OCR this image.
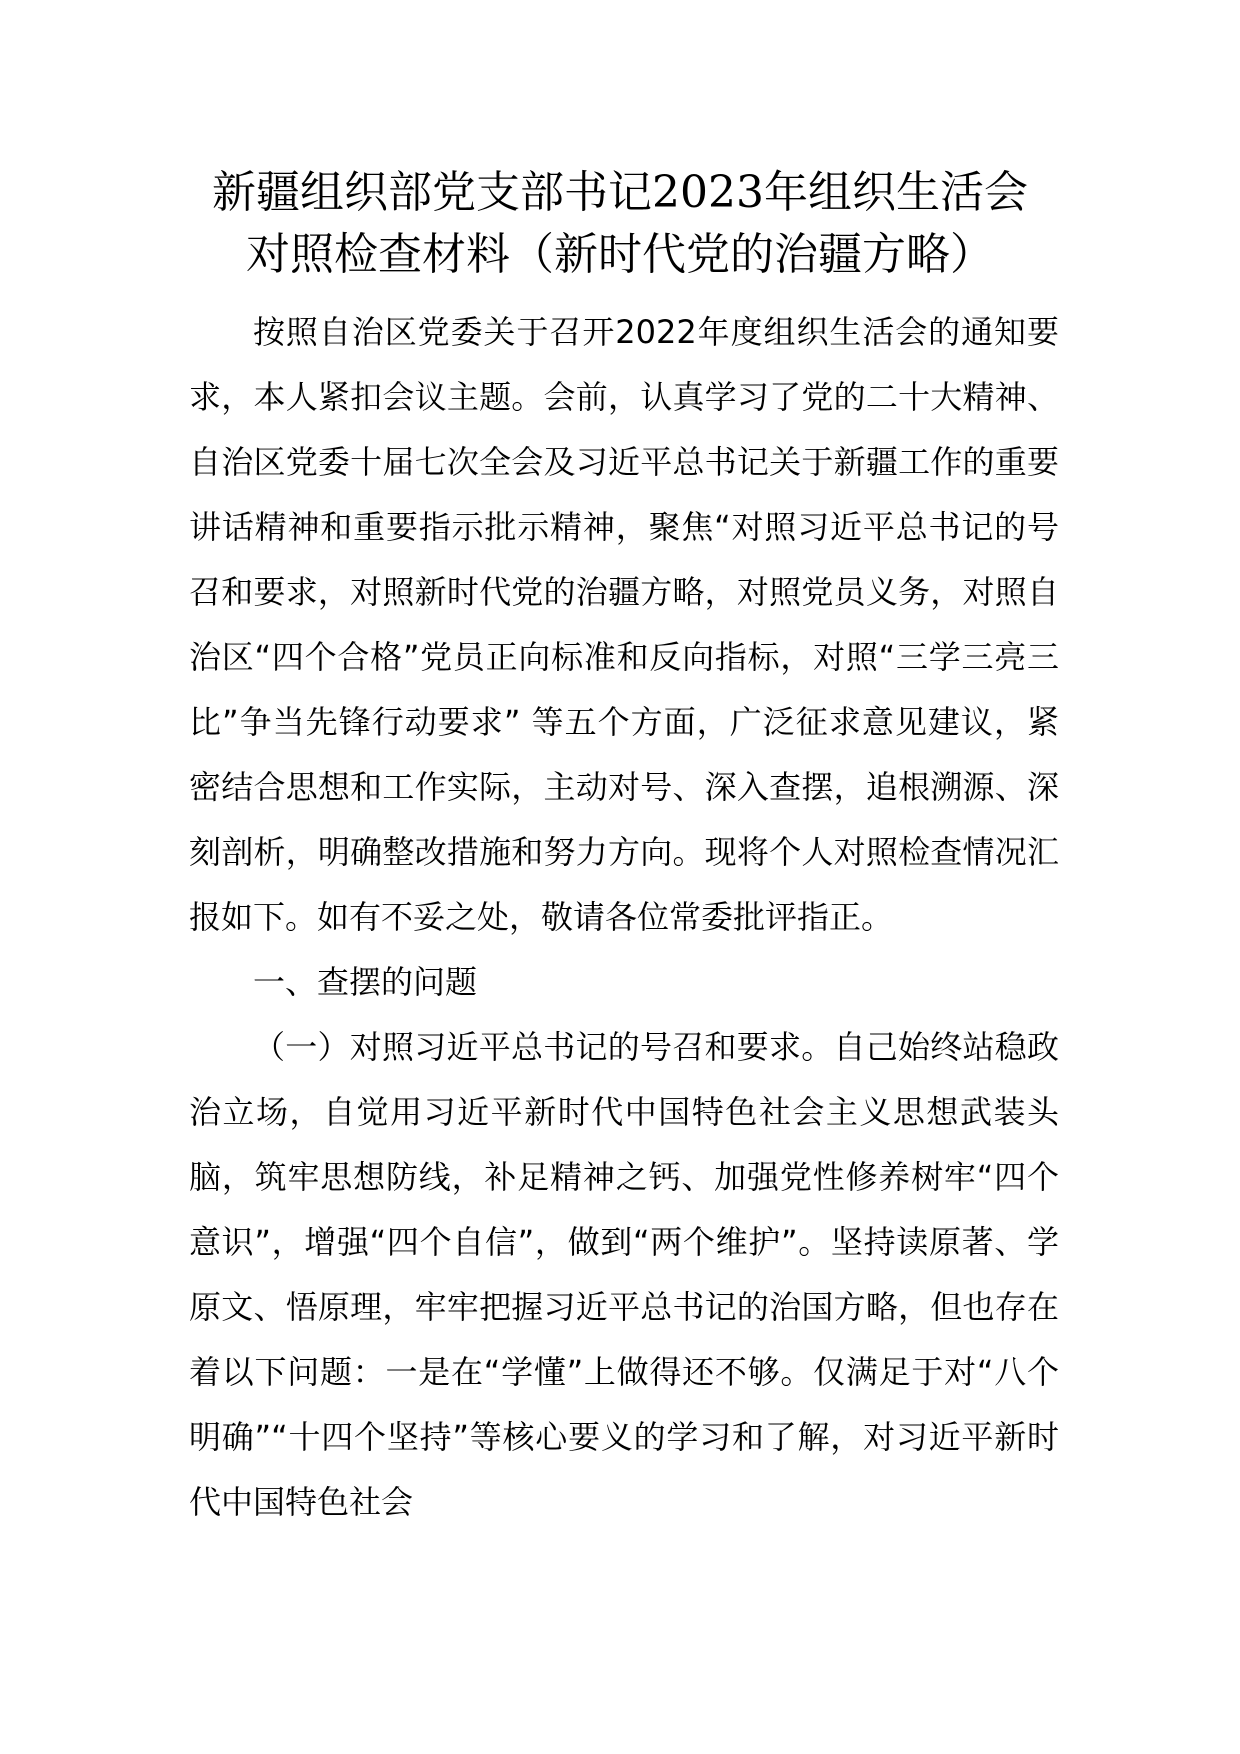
新疆组织部党支部书记2023年组织生活会
对照检查材料（新时代党的治疆方略）

按照自治区党委关于召开2022年度组织生活会的通知要求，本人紧扣会议主题。会前，认真学习了党的二十大精神、自治区党委十届七次全会及习近平总书记关于新疆工作的重要讲话精神和重要指示批示精神，聚焦“对照习近平总书记的号召和要求，对照新时代党的治疆方略，对照党员义务，对照自治区“四个合格”党员正向标准和反向指标，对照“三学三亮三比”争当先锋行动要求” 等五个方面，广泛征求意见建议，紧密结合思想和工作实际，主动对号、深入查摆，追根溯源、深刻剖析，明确整改措施和努力方向。现将个人对照检查情况汇报如下。如有不妥之处，敬请各位常委批评指正。

一、查摆的问题

（一）对照习近平总书记的号召和要求。自己始终站稳政治立场，自觉用习近平新时代中国特色社会主义思想武装头脑，筑牢思想防线，补足精神之钙、加强党性修养树牢“四个意识”，增强“四个自信”，做到“两个维护”。坚持读原著、学原文、悟原理，牢牢把握习近平总书记的治国方略，但也存在着以下问题：一是在“学懂”上做得还不够。仅满足于对“八个明确”“十四个坚持”等核心要义的学习和了解，对习近平新时代中国特色社会
